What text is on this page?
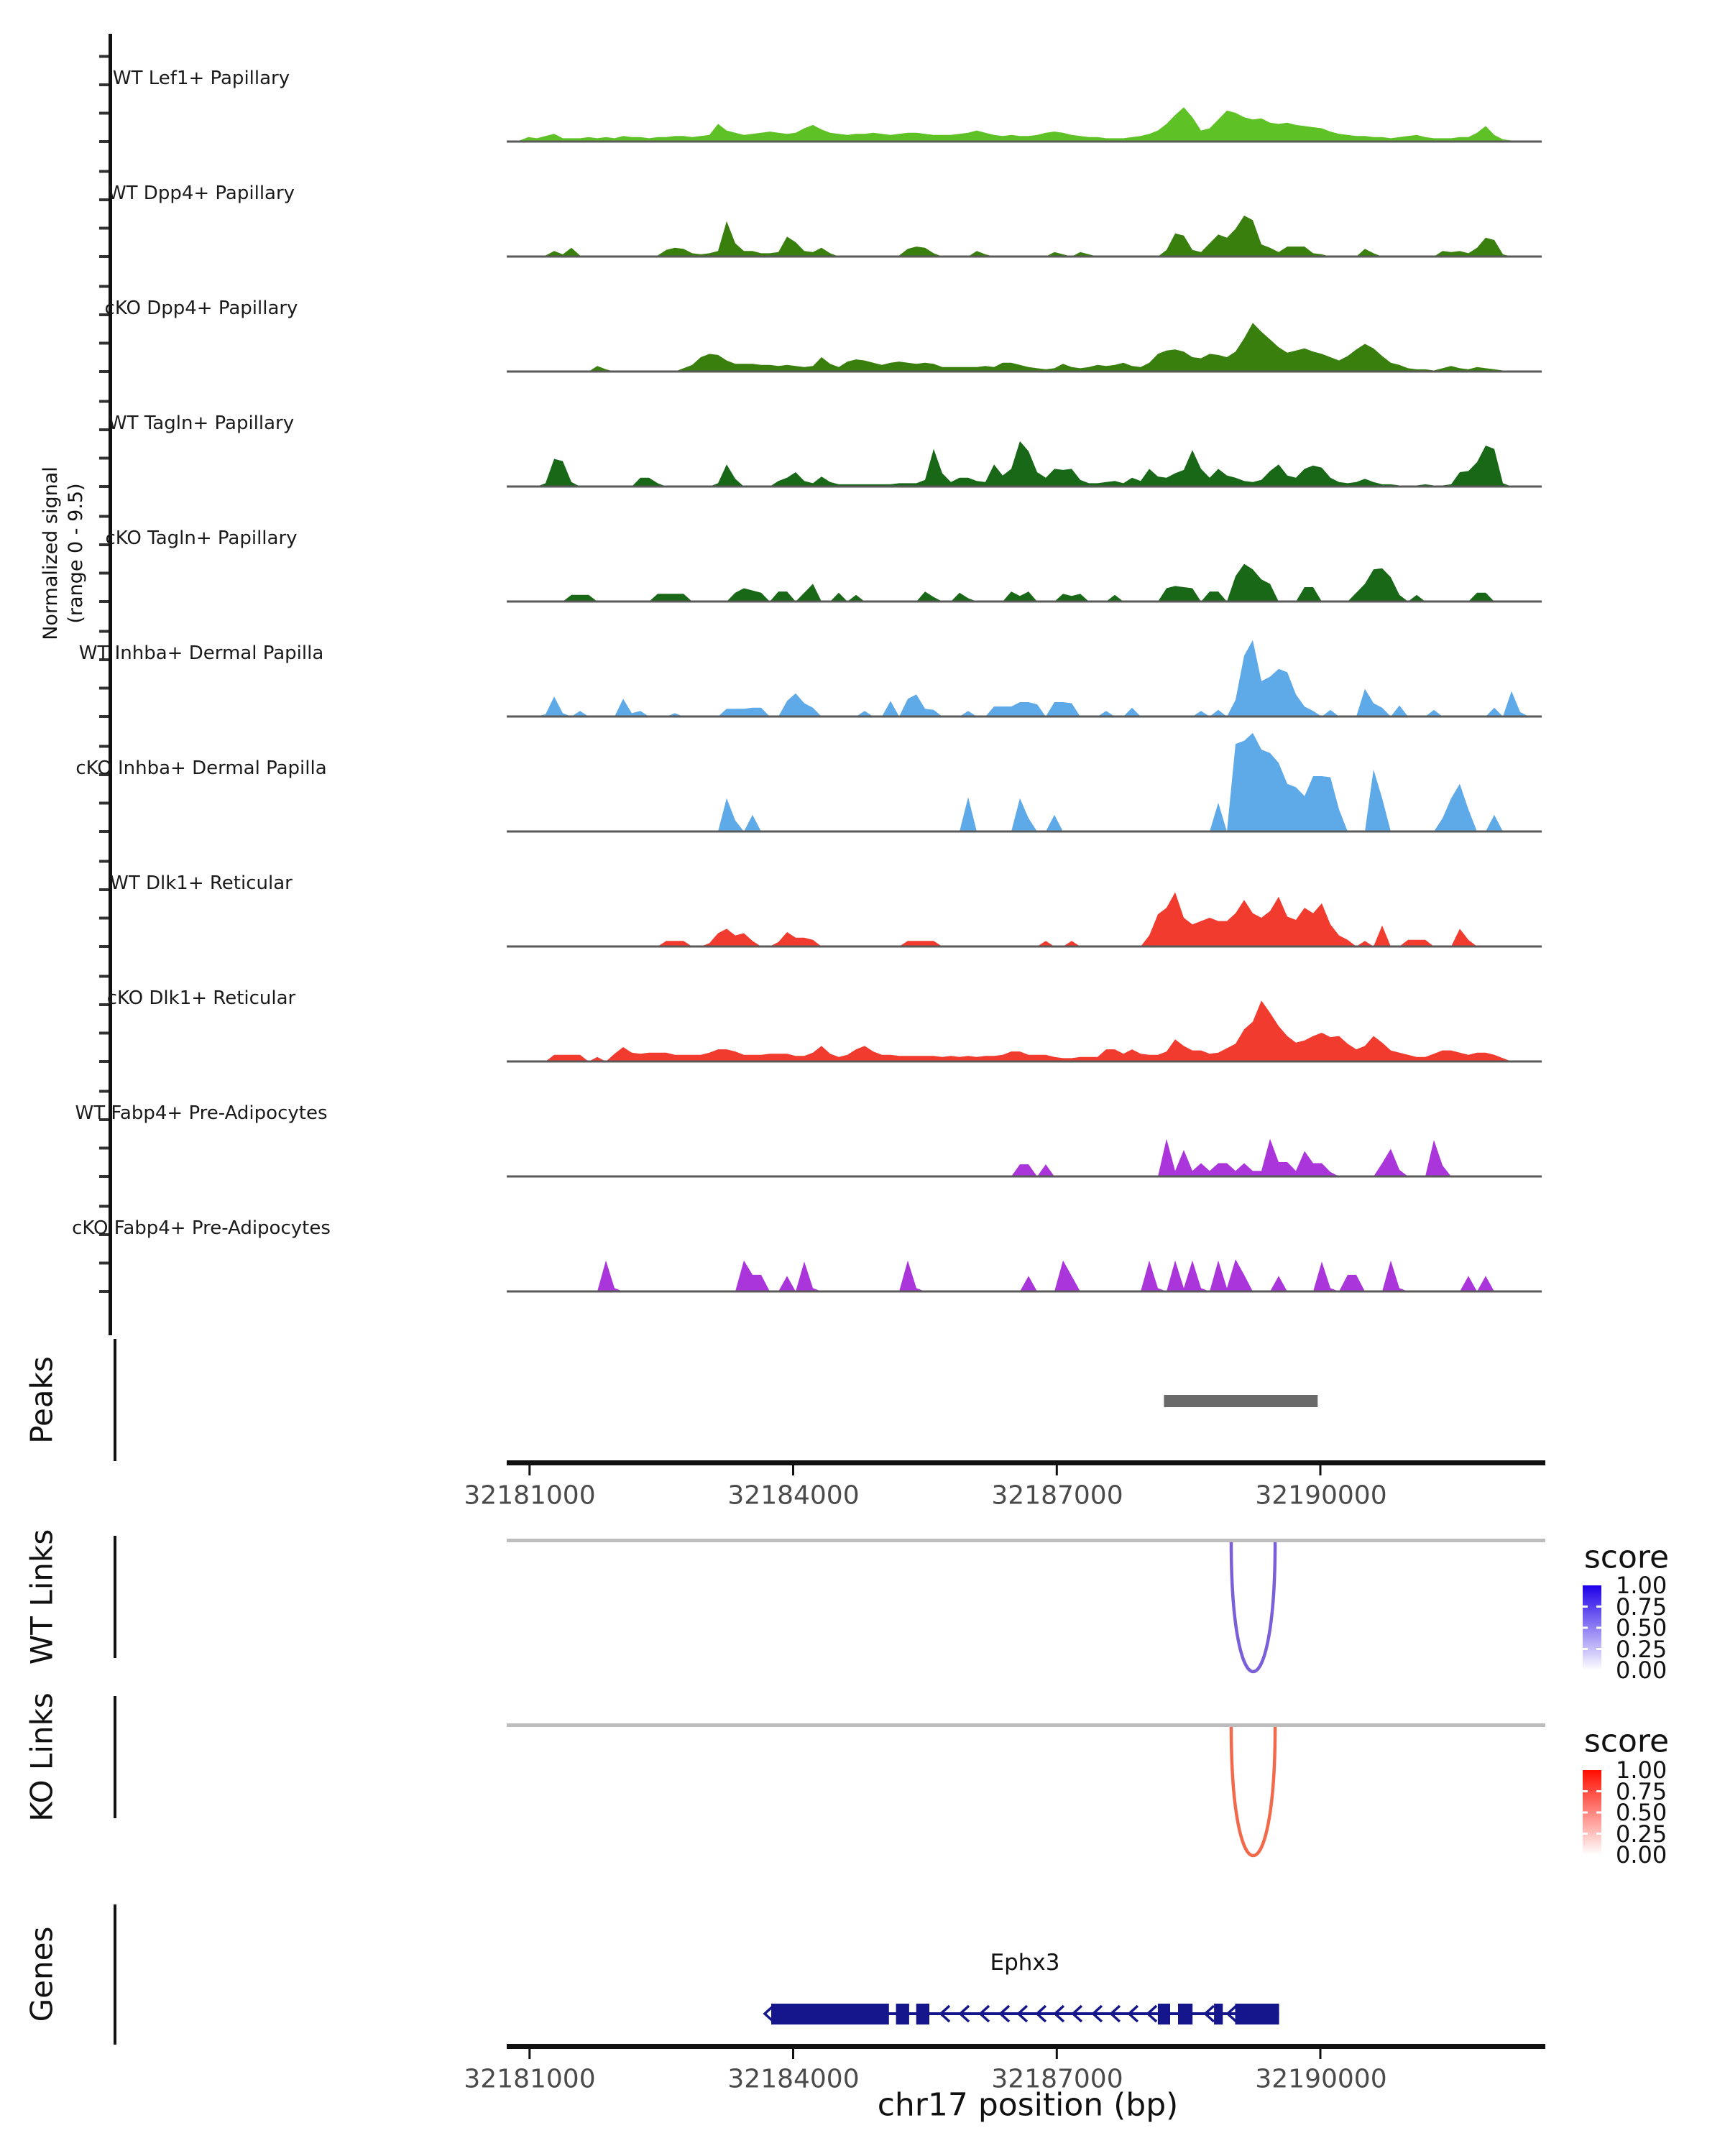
Normalized signal (range 0 - 9.5)
WT Lef1+ Papillary
WT Dpp4+ Papillary
cKO Dpp4+ Papillary
WT Tagln+ Papillary
cKO Tagln+ Papillary
WT Inhba+ Dermal Papilla
cKO Inhba+ Dermal Papilla
WT Dlk1+ Reticular
cKO Dlk1+ Reticular
WT Fabp4+ Pre-Adipocytes
cKO Fabp4+ Pre-Adipocytes
Peaks
WT Links
KO Links
Genes
32181000	32184000	32187000	32190000
32181000	32184000	32187000	32190000
chr17 position (bp)
score
1.00
0.75
0.50
0.25
0.00
score
1.00
0.75
0.50
0.25
0.00
Ephx3
